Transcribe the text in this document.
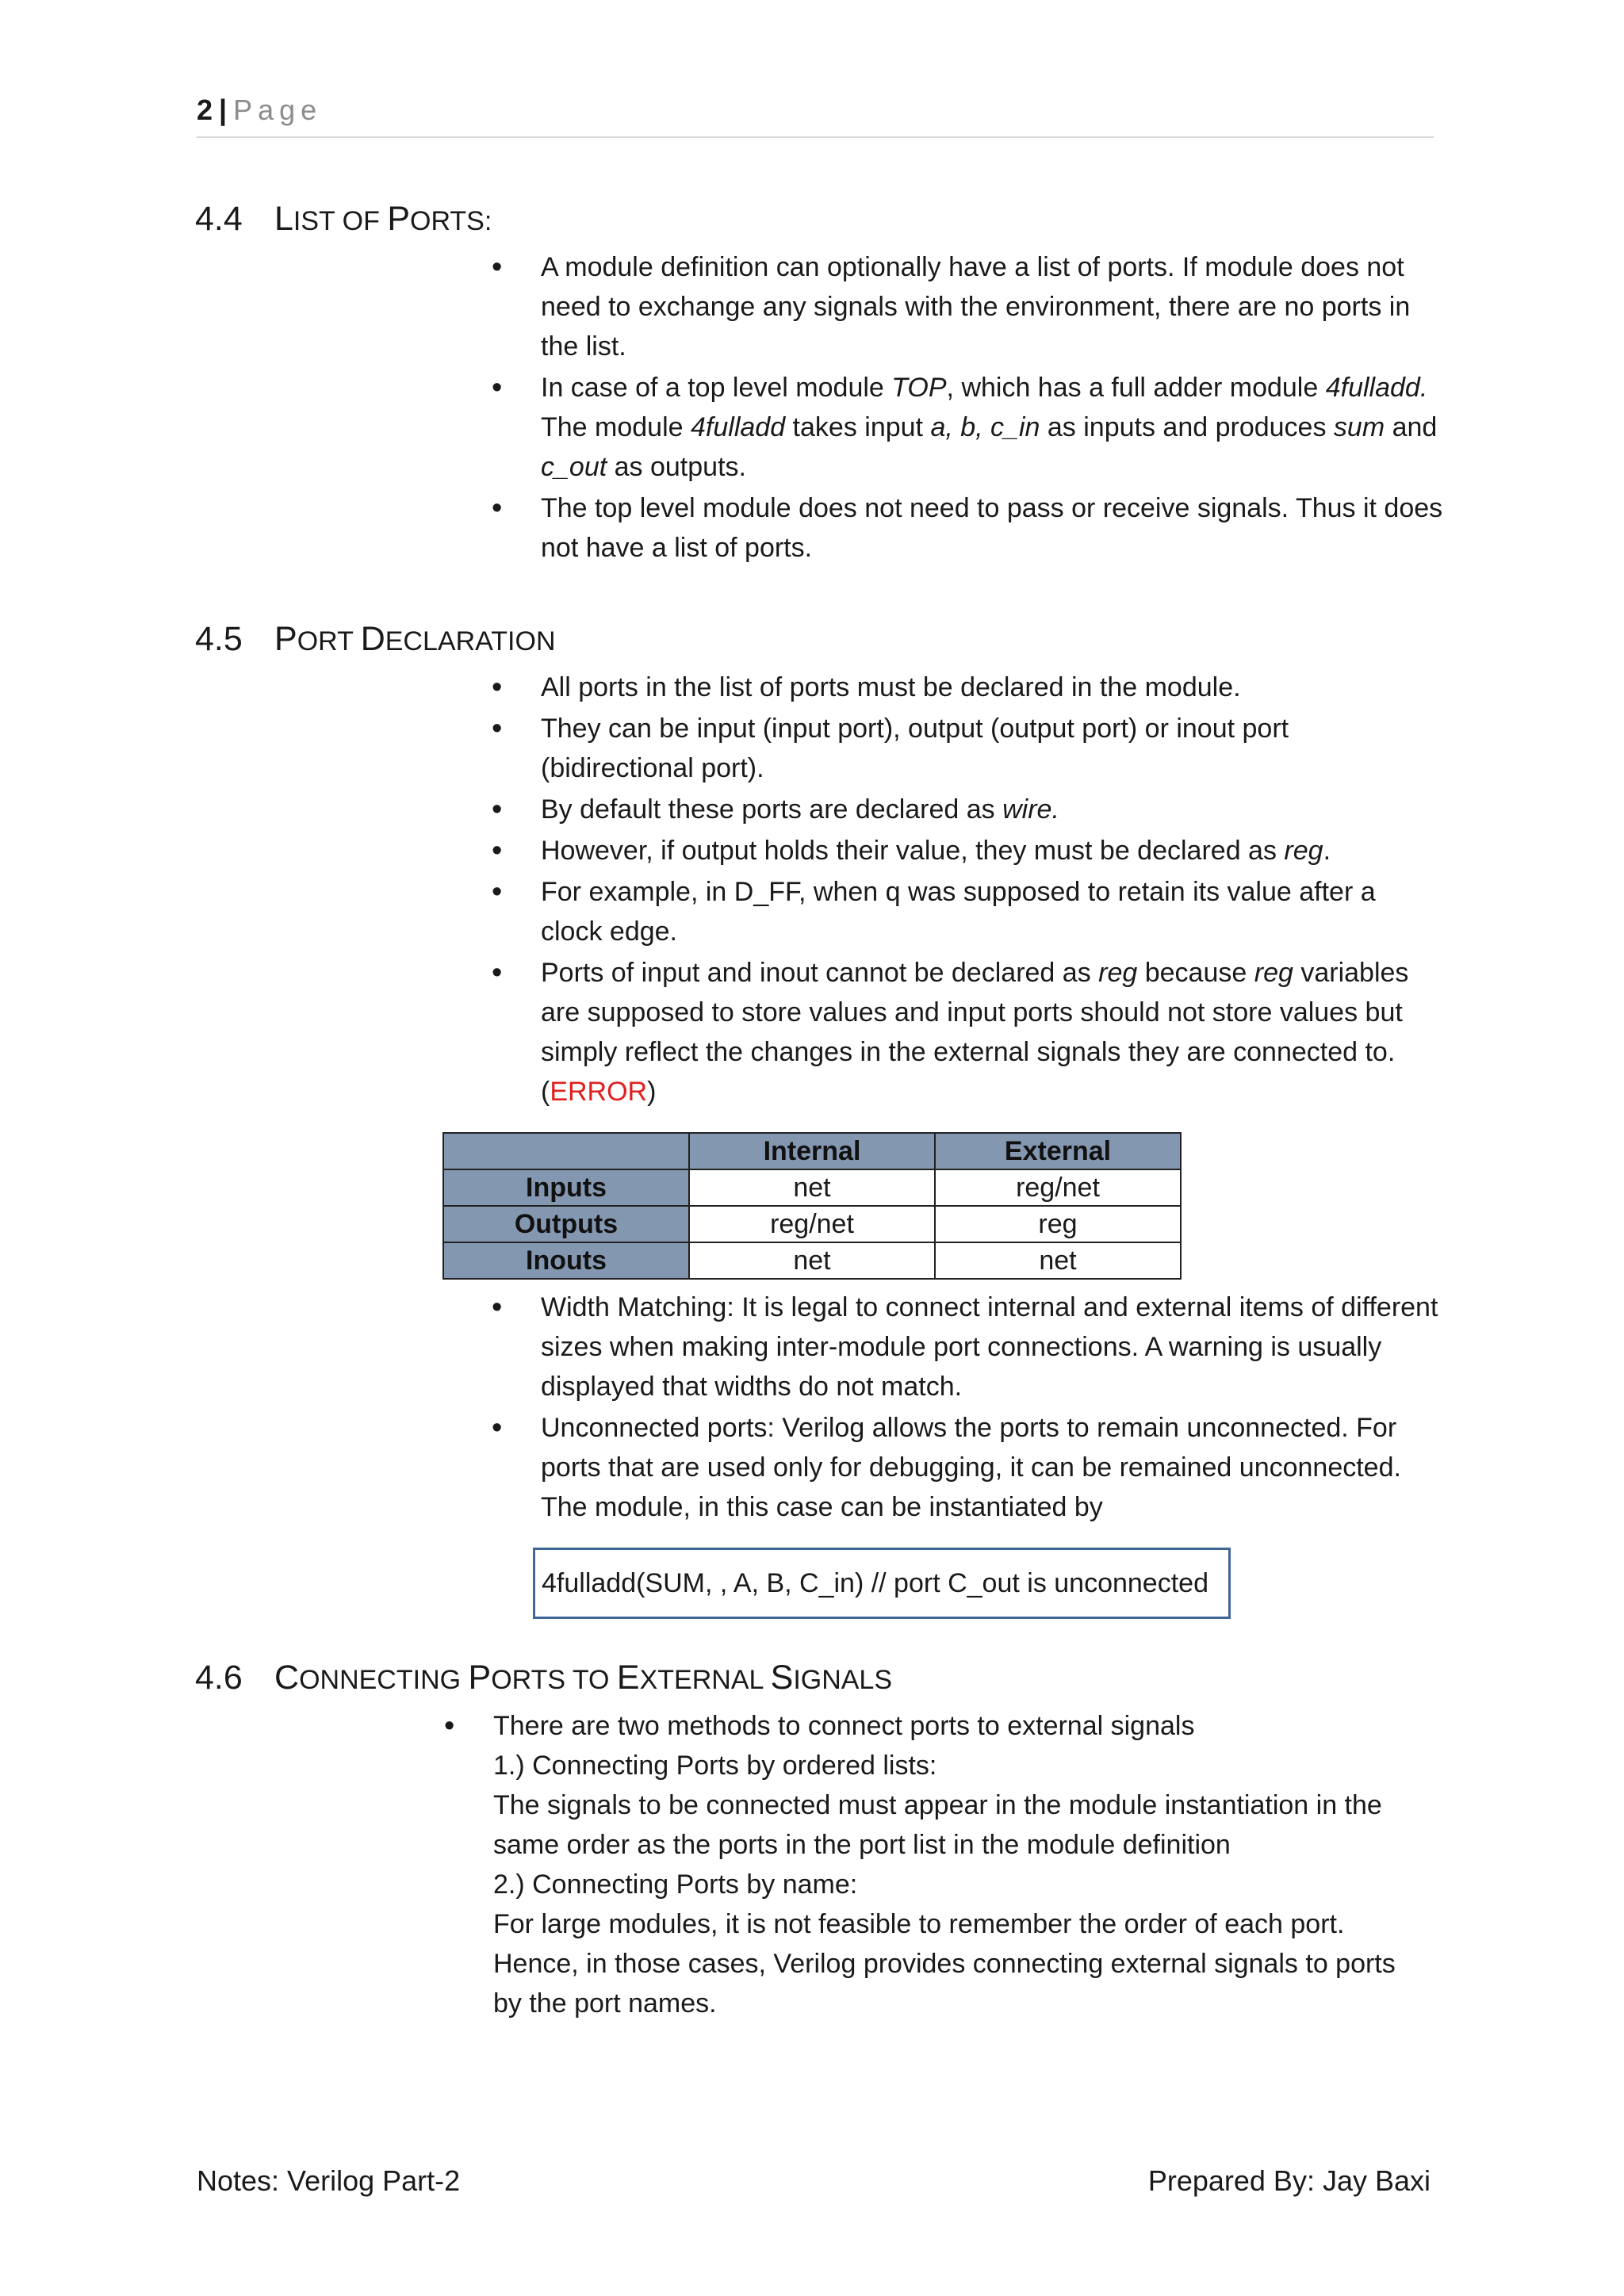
2 | Page
4.4 LIST OF PORTS:
• A module definition can optionally have a list of ports. If module does not need to exchange any signals with the environment, there are no ports in the list.
• In case of a top level module TOP, which has a full adder module 4fulladd. The module 4fulladd takes input a, b, c_in as inputs and produces sum and c_out as outputs.
• The top level module does not need to pass or receive signals. Thus it does not have a list of ports.
4.5 PORT DECLARATION
• All ports in the list of ports must be declared in the module.
• They can be input (input port), output (output port) or inout port (bidirectional port).
• By default these ports are declared as wire.
• However, if output holds their value, they must be declared as reg.
• For example, in D_FF, when q was supposed to retain its value after a clock edge.
• Ports of input and inout cannot be declared as reg because reg variables are supposed to store values and input ports should not store values but simply reflect the changes in the external signals they are connected to. (ERROR)
	Internal	External
Inputs	net	reg/net
Outputs	reg/net	reg
Inouts	net	net
• Width Matching: It is legal to connect internal and external items of different sizes when making inter-module port connections. A warning is usually displayed that widths do not match.
• Unconnected ports: Verilog allows the ports to remain unconnected. For ports that are used only for debugging, it can be remained unconnected. The module, in this case can be instantiated by
4fulladd(SUM, , A, B, C_in) // port C_out is unconnected
4.6 CONNECTING PORTS TO EXTERNAL SIGNALS
• There are two methods to connect ports to external signals
1.) Connecting Ports by ordered lists:
The signals to be connected must appear in the module instantiation in the same order as the ports in the port list in the module definition
2.) Connecting Ports by name:
For large modules, it is not feasible to remember the order of each port. Hence, in those cases, Verilog provides connecting external signals to ports by the port names.
Notes: Verilog Part-2	Prepared By: Jay Baxi
